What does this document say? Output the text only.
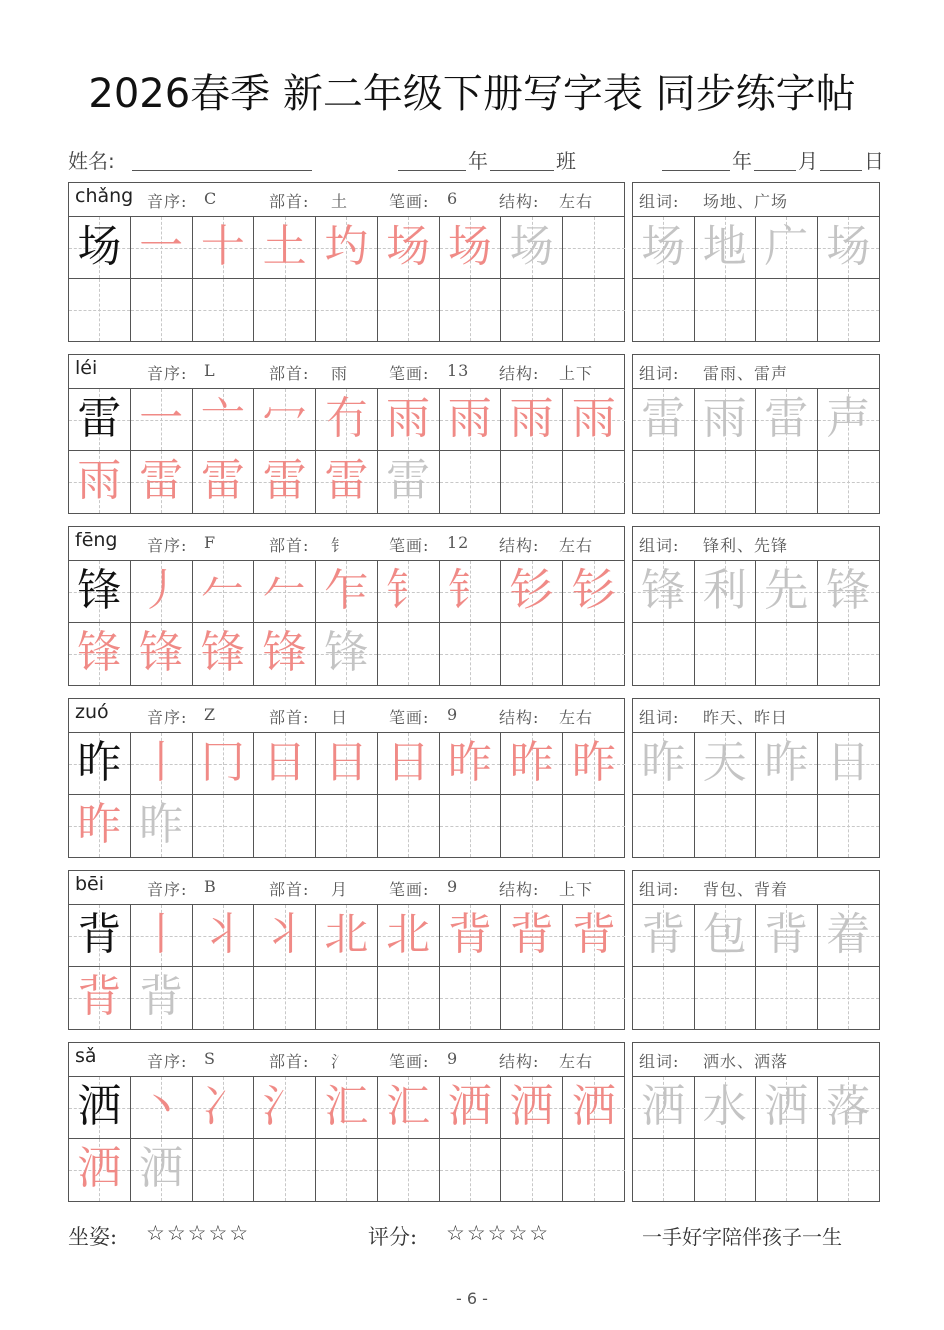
2026春季 新二年级下册写字表 同步练字帖
姓名:	年	班	年 月 日
chǎng 音序: C	部首: 土	笔画: 6	结构: 左右
场 一 十 土 圴 场 场 场
组词: 场地、广场
场 地 广 场
léi	音序: L	部首: 雨	笔画: 13 结构: 上下
雷 一 亠 冖 冇 雨 雨 雨 雨
雨 雷 雷 雷 雷 雷
组词: 雷雨、雷声
雷 雨 雷 声
fēng 音序: F	部首: 钅	笔画: 12 结构: 左右
锋 丿 𠂉 𠂉 乍 钅 钅 钐 钐
锋 锋 锋 锋 锋
组词: 锋利、先锋
锋 利 先 锋
zuó 音序: Z	部首: 日	笔画: 9	结构: 左右
昨 丨 冂 日 日 日 昨 昨 昨
昨 昨
组词: 昨天、昨日
昨 天 昨 日
bēi	音序: B	部首: 月	笔画: 9	结构: 上下
背 丨 丬 丬 北 北 背 背 背
背 背
组词: 背包、背着
背 包 背 着
sǎ	音序: S	部首: 氵	笔画: 9	结构: 左右
洒 丶 冫 氵 汇 汇 洒 洒 洒
洒 洒
组词: 洒水、洒落
洒 水 洒 落
坐姿: ☆☆☆☆☆	评分: ☆☆☆☆☆	一手好字陪伴孩子一生
- 6 -
